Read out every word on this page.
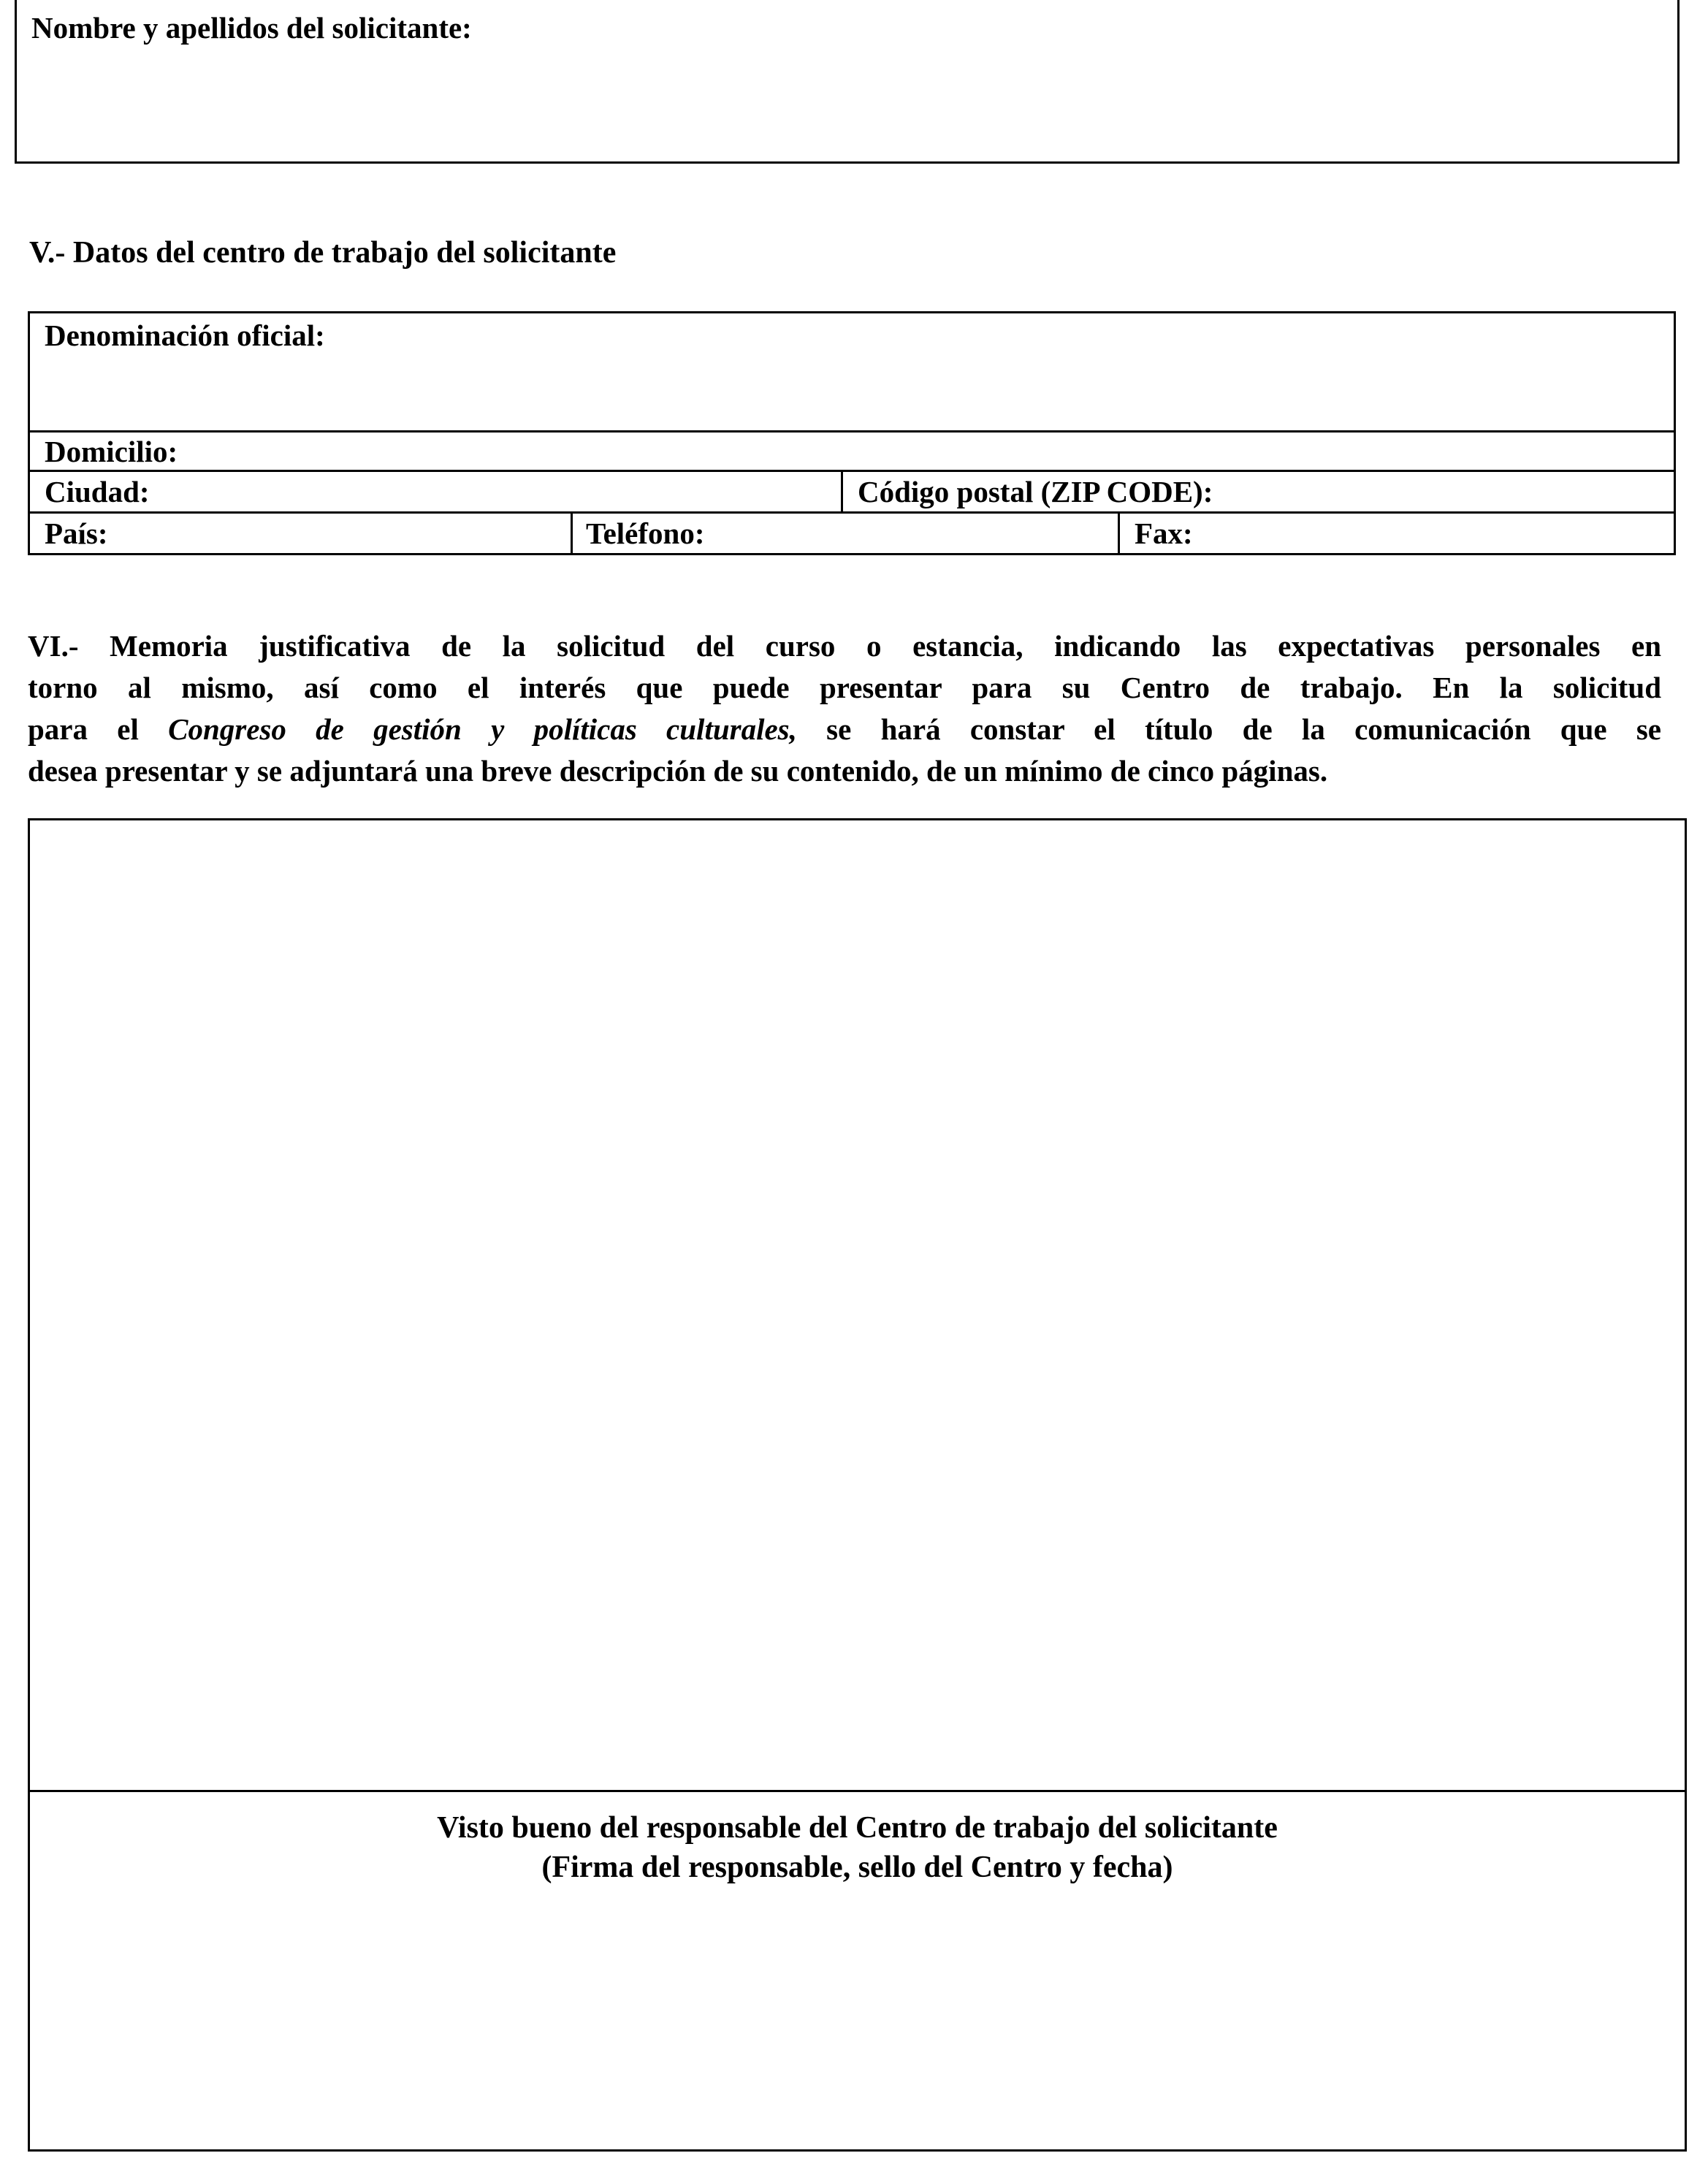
Nombre y apellidos del solicitante:
V.- Datos del centro de trabajo del solicitante
Denominación oficial:
Domicilio:
Ciudad:	Código postal (ZIP CODE):
País:	Teléfono:	Fax:
VI.- Memoria justificativa de la solicitud del curso o estancia, indicando las expectativas personales en
torno al mismo, así como el interés que puede presentar para su Centro de trabajo. En la solicitud
para el Congreso de gestión y políticas culturales, se hará constar el título de la comunicación que se
desea presentar y se adjuntará una breve descripción de su contenido, de un mínimo de cinco páginas.
Visto bueno del responsable del Centro de trabajo del solicitante
(Firma del responsable, sello del Centro y fecha)
